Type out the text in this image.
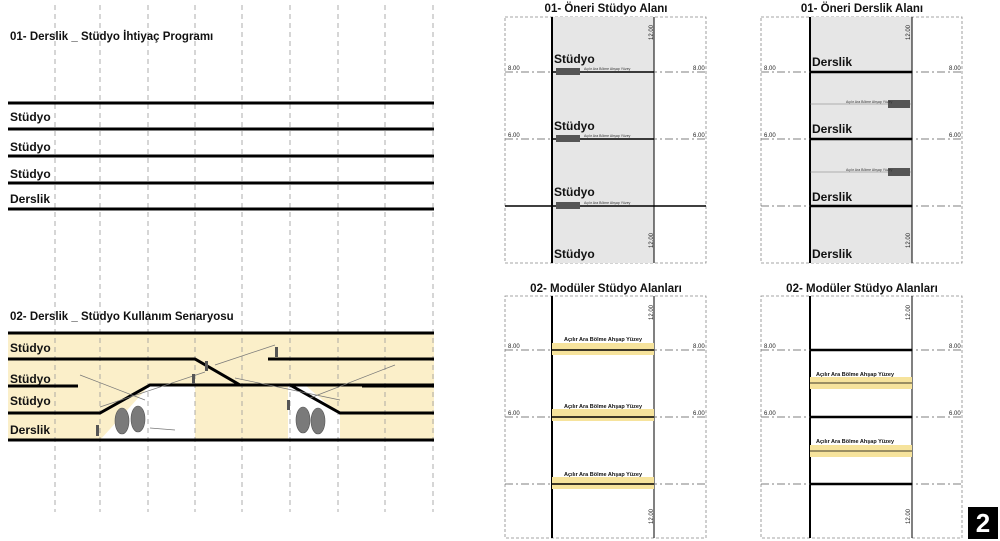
01- Derslik _ Stüdyo İhtiyaç Programı
Stüdyo
Stüdyo
Stüdyo
Derslik
02- Derslik _ Stüdyo Kullanım Senaryosu
Stüdyo
Stüdyo
Stüdyo
Derslik
01- Öneri Stüdyo Alanı
Stüdyo
Stüdyo
Stüdyo
Stüdyo
Açılır Ara Bölme Ahşap Yüzey
Açılır Ara Bölme Ahşap Yüzey
Açılır Ara Bölme Ahşap Yüzey
8.00	8.00
6.00	6.00
12.00
12.00
01- Öneri Derslik Alanı
Açılır Ara Bölme Ahşap Yüzey
Açılır Ara Bölme Ahşap Yüzey
Derslik
Derslik
Derslik
Derslik
8.00	8.00
6.00	6.00
12.00
12.00
02- Modüler Stüdyo Alanları
Açılır Ara Bölme Ahşap Yüzey
Açılır Ara Bölme Ahşap Yüzey
Açılır Ara Bölme Ahşap Yüzey
8.00	8.00
6.00	6.00
12.00
12.00
02- Modüler Stüdyo Alanları
Açılır Ara Bölme Ahşap Yüzey
Açılır Ara Bölme Ahşap Yüzey
8.00	8.00
6.00	6.00
12.00
12.00 2
